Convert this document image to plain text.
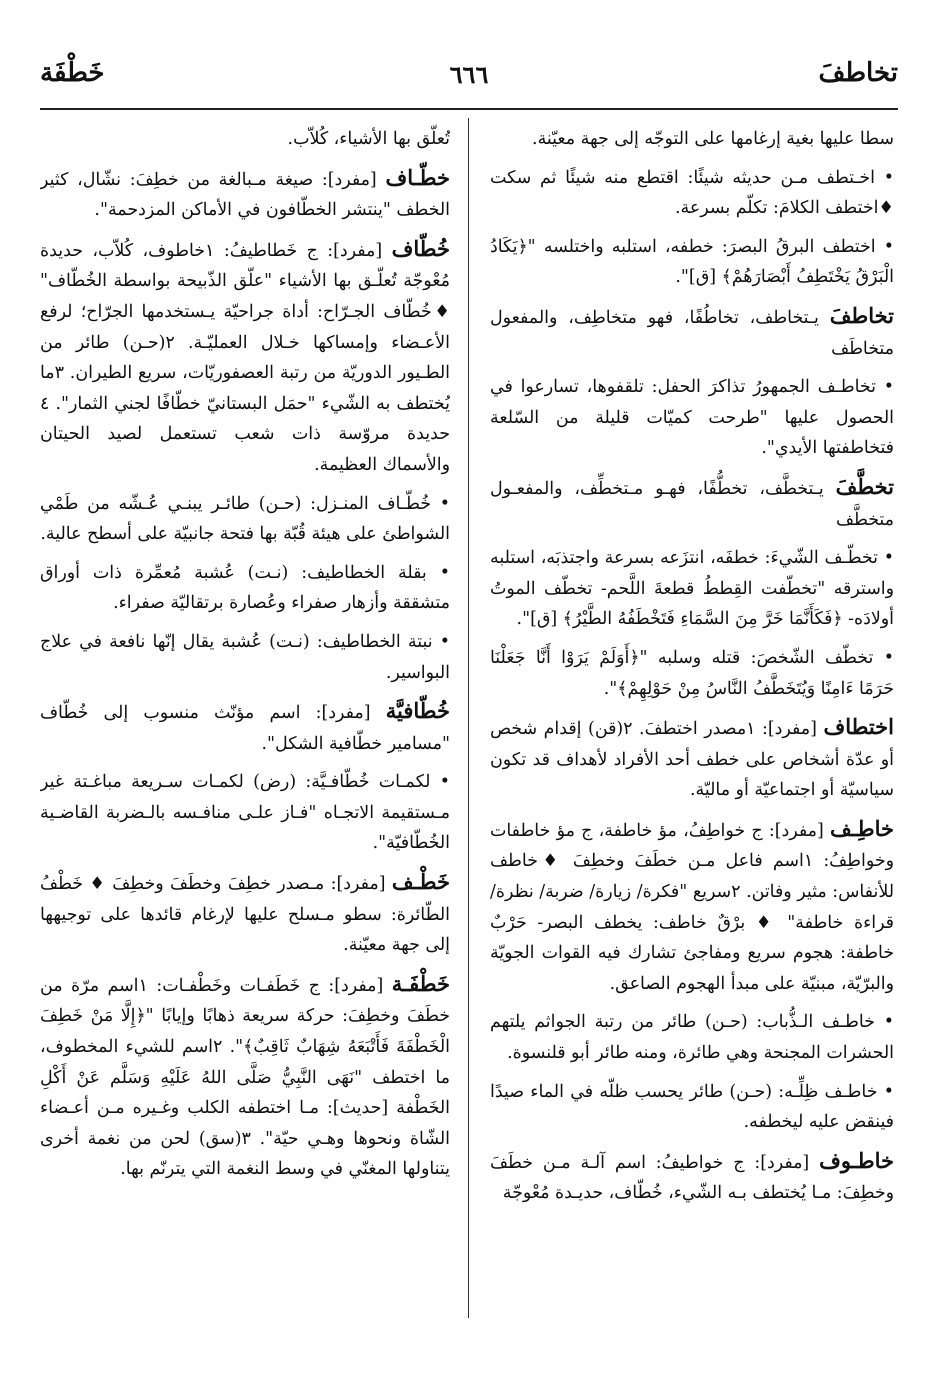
تخاطفَ
٦٦٦
خَطْفَة

سطا عليها بغية إرغامها على التوجّه إلى جهة معيّنة.

• اخـتطف مـن حديثه شيئًا: اقتطع منه شيئًا ثم سكت ♦اختطف الكلامَ: تكلّم بسرعة.

• اختطف البرقُ البصرَ: خطفه، استلبه واختلسه "﴿يَكَادُ الْبَرْقُ يَخْتَطِفُ أَبْصَارَهُمْ﴾ [ق]".

تخاطفَ يـتخاطف، تخاطُفًا، فهو متخاطِف، والمفعول متخاطَف

• تخاطـف الجمهورُ تذاكرَ الحفل: تلقفوها، تسارعوا في الحصول عليها "طرحت كميّات قليلة من السّلعة فتخاطفتها الأيدي".

تخطَّفَ يـتخطَّف، تخطُّفًا، فهـو مـتخطِّف، والمفعـول متخطَّف

• تخطّـف الشّيءَ: خطفَه، انتزَعه بسرعة واجتذبَه، استلبه واسترقه "تخطّفت القِططُ قطعةَ اللَّحم- تخطّف الموتُ أولادَه- ﴿فَكَأَنَّمَا خَرَّ مِنَ السَّمَاءِ فَتَخْطَفُهُ الطَّيْرُ﴾ [ق]".

• تخطّف الشّخصَ: قتله وسلبه "﴿أَوَلَمْ يَرَوْا أَنَّا جَعَلْنَا حَرَمًا ءَامِنًا وَيُتَخَطَّفُ النَّاسُ مِنْ حَوْلِهِمْ﴾".

اختطاف [مفرد]: ١مصدر اختطفَ. ٢(قن) إقدام شخص أو عدّة أشخاص على خطف أحد الأفراد لأهداف قد تكون سياسيّة أو اجتماعيّة أو ماليّة.

خاطِـف [مفرد]: ج خواطِفُ، مؤ خاطفة، ج مؤ خاطفات وخواطِفُ: ١اسم فاعل مـن خطَفَ وخطِفَ ♦خاطف للأنفاس: مثير وفاتن. ٢سريع "فكرة/ زيارة/ ضربة/ نظرة/ قراءة خاطفة" ♦ برْقٌ خاطف: يخطف البصر- حَرْبٌ خاطفة: هجوم سريع ومفاجئ تشارك فيه القوات الجويّة والبرّيّة، مبنيّة على مبدأ الهجوم الصاعق.

• خاطـف الـذُّباب: (حـن) طائر من رتبة الجواثم يلتهم الحشرات المجنحة وهي طائرة، ومنه طائر أبو قلنسوة.

• خاطـف ظِلِّـه: (حـن) طائر يحسب ظلّه في الماء صيدًا فينقض عليه ليخطفه.

خاطـوف [مفرد]: ج خواطيفُ: اسم آلـة مـن خطَفَ وخطِفَ: مـا يُختطف بـه الشّيء، خُطّاف، حديـدة مُعْوجّة

تُعلّق بها الأشياء، كُلاّب.

خطّـاف [مفرد]: صيغة مـبالغة من خطِفَ: نشّال، كثير الخطف "ينتشر الخطّافون في الأماكن المزدحمة".

خُطّاف [مفرد]: ج خَطاطيفُ: ١خاطوف، كُلاّب، حديدة مُعْوجّة تُعلّـق بها الأشياء "علّق الذّبيحة بواسطة الخُطّاف" ♦خُطّاف الجـرّاح: أداة جراحيّة يـستخدمها الجرّاح؛ لرفع الأعـضاء وإمساكها خـلال العمليّـة. ٢(حـن) طائر من الطـيور الدوريّة من رتبة العصفوريّات، سريع الطيران. ٣ما يُختطف به الشّيء "حمَل البستانيّ خطّافًا لجني الثمار". ٤ حديدة مروّسة ذات شعب تستعمل لصيد الحيتان والأسماك العظيمة.

• خُطّـاف المنـزل: (حـن) طائـر يبنـي عُـشّه من طَمْي الشواطئ على هيئة قُبّة بها فتحة جانبيّة على أسطح عالية.

• بقلة الخطاطيف: (نـت) عُشبة مُعمِّرة ذات أوراق متشققة وأزهار صفراء وعُصارة برتقاليّة صفراء.

• نبتة الخطاطيف: (نـت) عُشبة يقال إنّها نافعة في علاج البواسير.

خُطّافيَّة [مفرد]: اسم مؤنّث منسوب إلى خُطّاف "مسامير خطّافية الشكل".

• لكمـات خُطّافـيَّة: (رض) لكمـات سـريعة مباغـتة غير مـستقيمة الاتجـاه "فـاز علـى منافـسه بالـضربة القاضـية الخُطّافيّة".

خَطْـف [مفرد]: مـصدر خطِفَ وخطَفَ وخطِفَ ♦ خَطْفُ الطّائرة: سطو مـسلح عليها لإرغام قائدها على توجيهها إلى جهة معيّنة.

خَطْفَـة [مفرد]: ج خَطَفـات وخَطْفـات: ١اسم مرّة من خطَفَ وخطِفَ: حركة سريعة ذهابًا وإيابًا "﴿إِلَّا مَنْ خَطِفَ الْخَطْفَةَ فَأَتْبَعَهُ شِهَابٌ ثَاقِبٌ﴾". ٢اسم للشيء المخطوف، ما اختطف "نَهَى النَّبِيُّ صَلَّى اللهُ عَلَيْهِ وَسَلَّم عَنْ أَكْلِ الخَطْفة [حديث]: مـا اختطفه الكلب وغـيره مـن أعـضاء الشّاة ونحوها وهـي حيّة". ٣(سق) لحن من نغمة أخرى يتناولها المغنّي في وسط النغمة التي يترنّم بها.
